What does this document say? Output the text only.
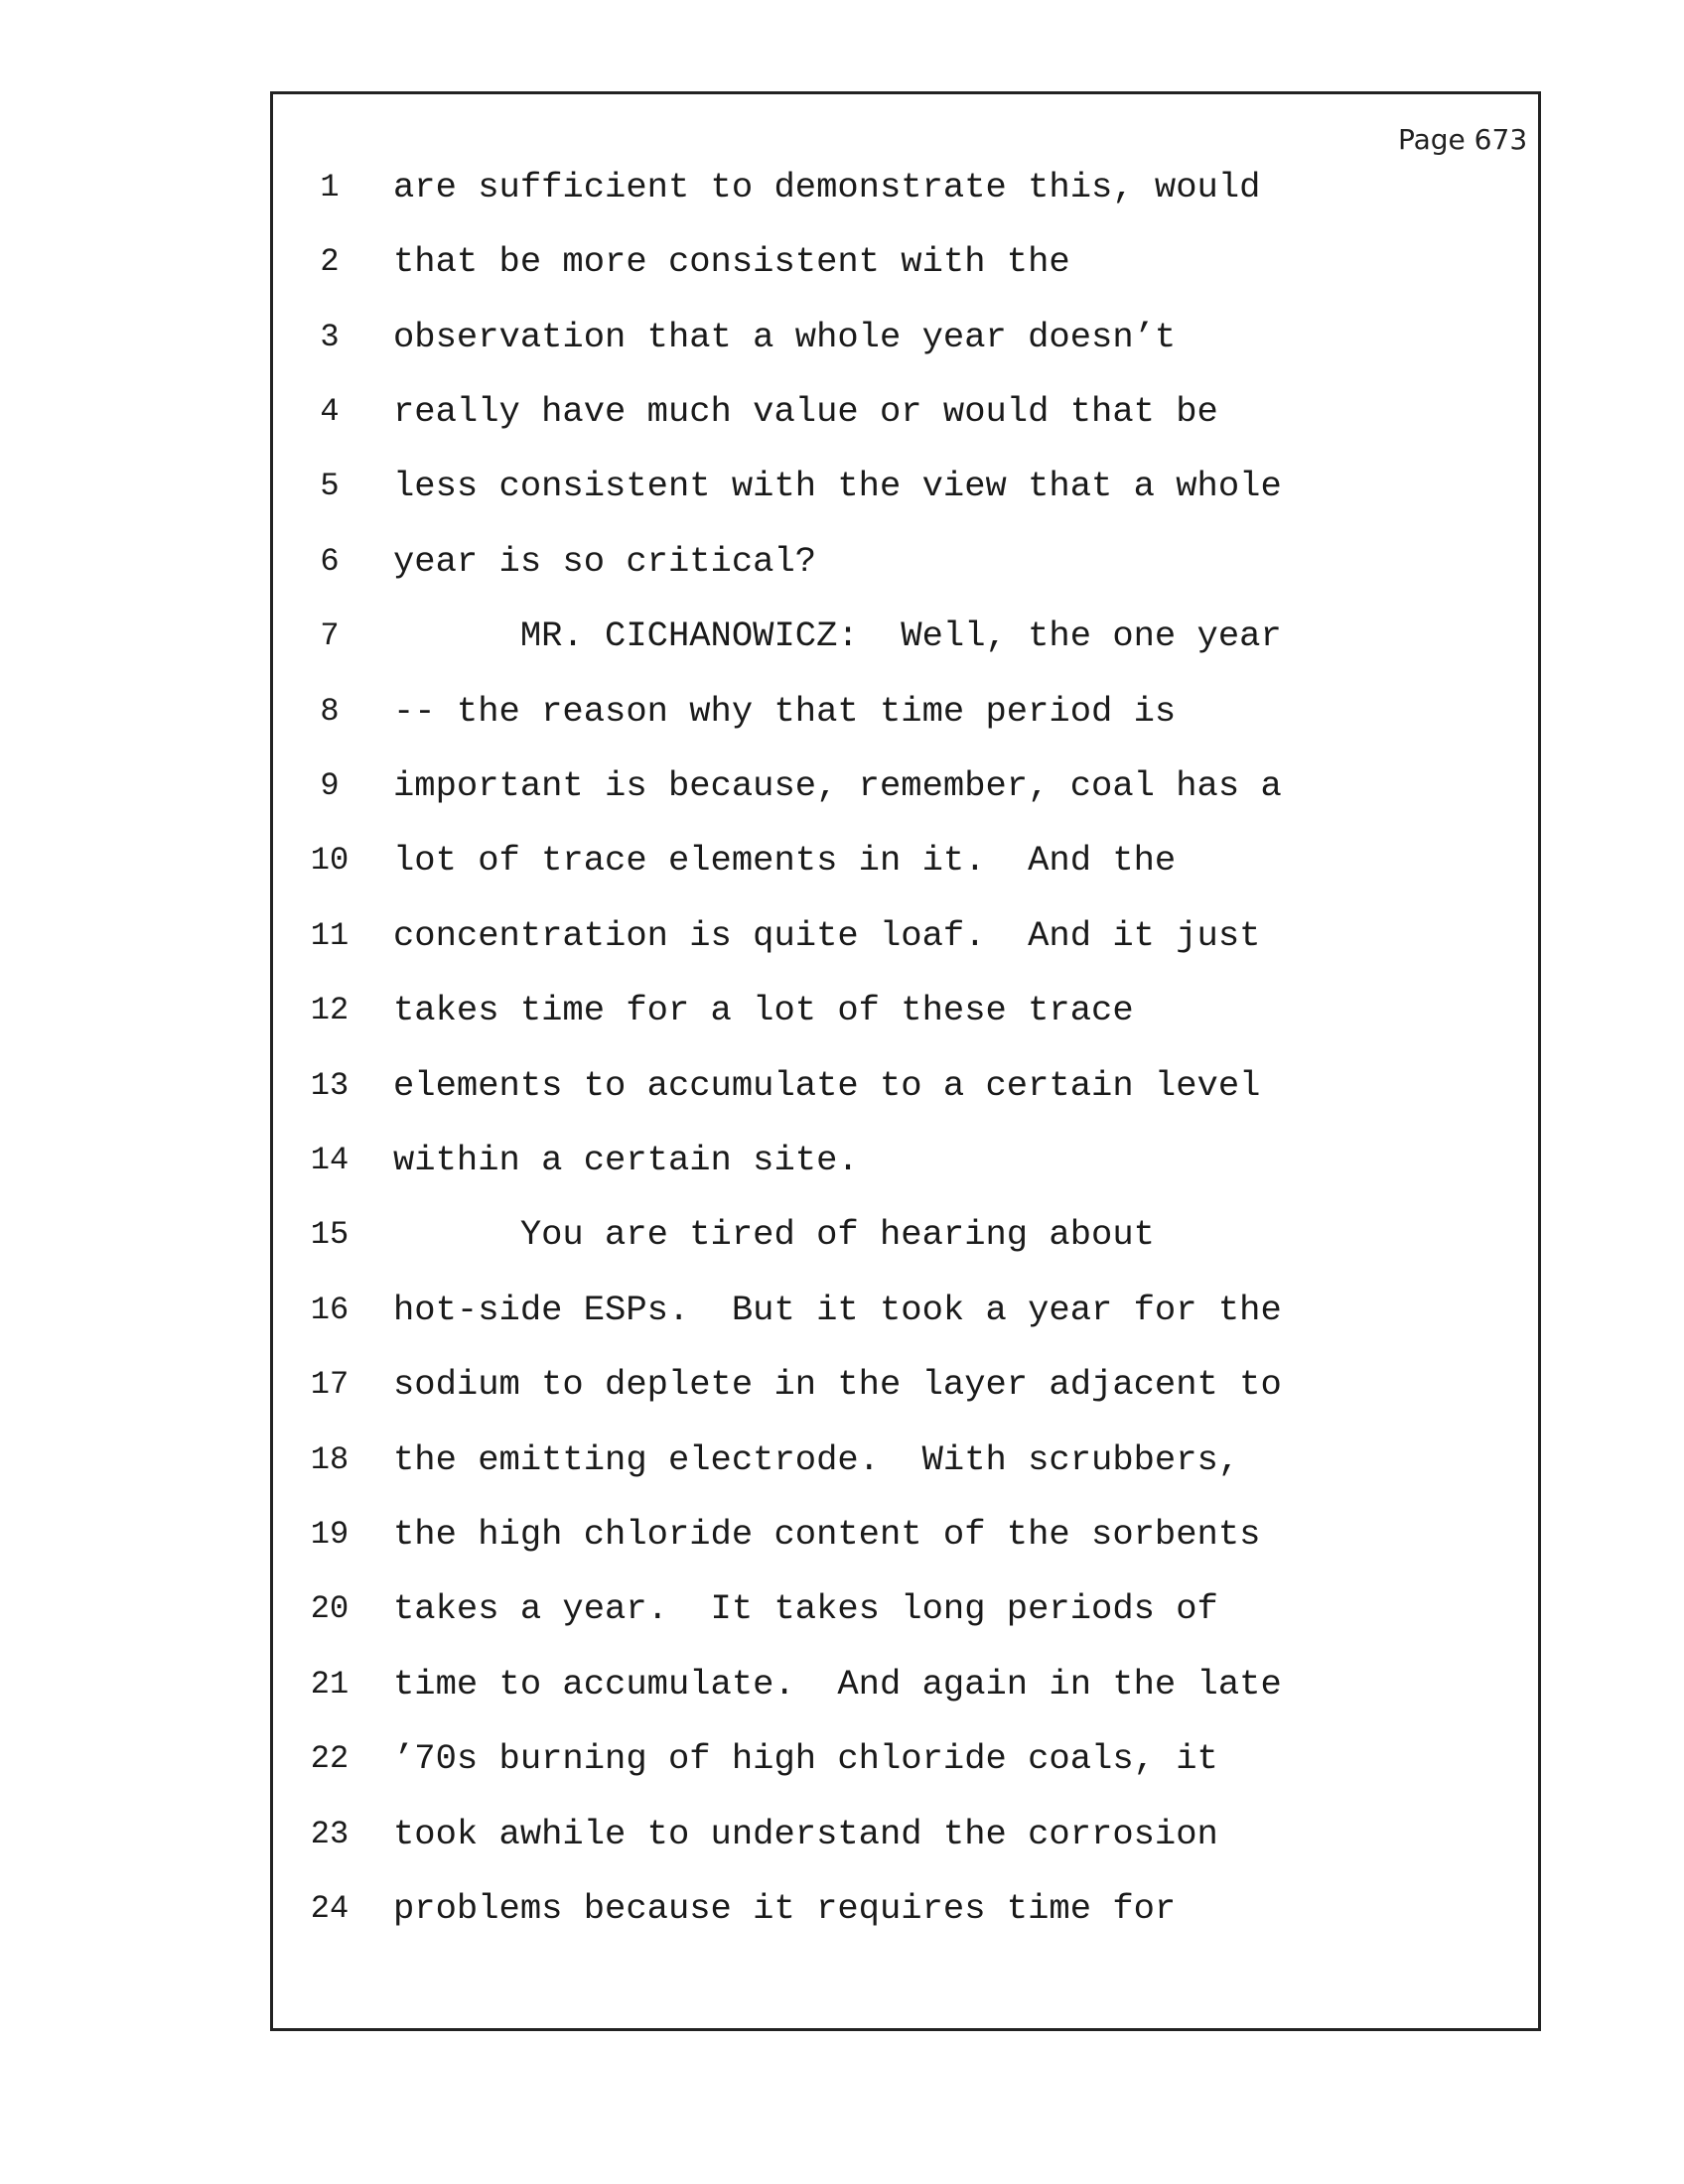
Page 673
1	are sufficient to demonstrate this, would
2	that be more consistent with the
3	observation that a whole year doesn’t
4	really have much value or would that be
5	less consistent with the view that a whole
6	year is so critical?
7	MR. CICHANOWICZ:  Well, the one year
8	-- the reason why that time period is
9	important is because, remember, coal has a
10	lot of trace elements in it.  And the
11	concentration is quite loaf.  And it just
12	takes time for a lot of these trace
13	elements to accumulate to a certain level
14	within a certain site.
15	You are tired of hearing about
16	hot-side ESPs.  But it took a year for the
17	sodium to deplete in the layer adjacent to
18	the emitting electrode.  With scrubbers,
19	the high chloride content of the sorbents
20	takes a year.  It takes long periods of
21	time to accumulate.  And again in the late
22	’70s burning of high chloride coals, it
23	took awhile to understand the corrosion
24	problems because it requires time for
